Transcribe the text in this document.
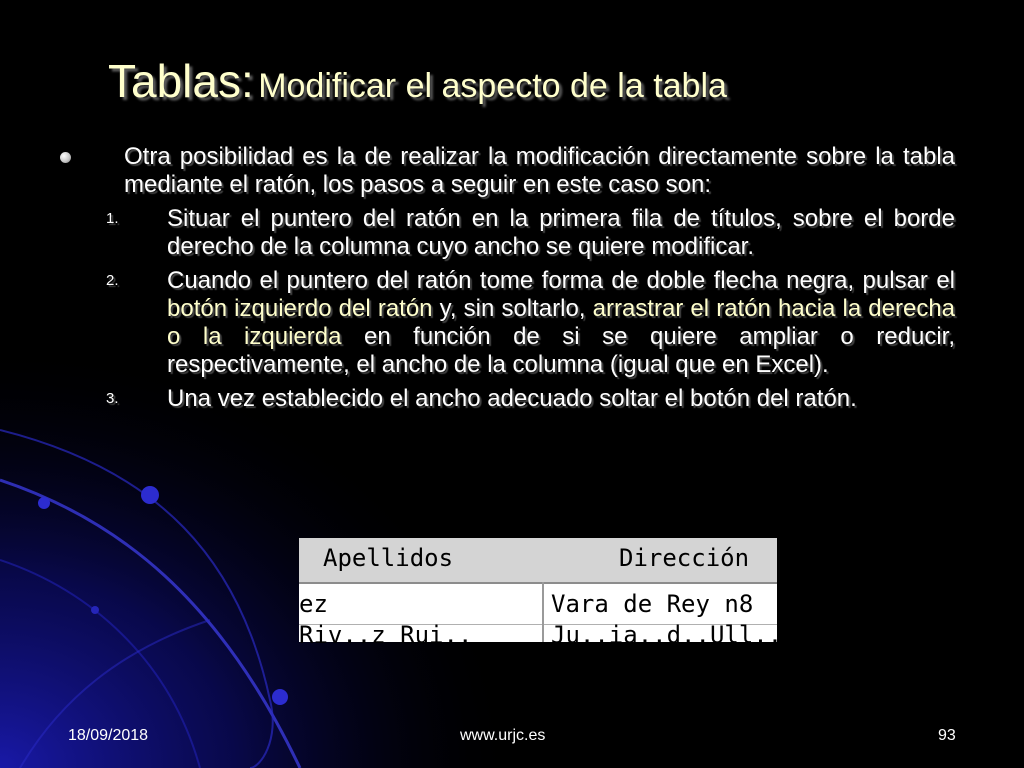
Tablas: Modificar el aspecto de la tabla
Otra posibilidad es la de realizar la modificación directamente sobre la tabla mediante el ratón, los pasos a seguir en este caso son:
1. Situar el puntero del ratón en la primera fila de títulos, sobre el borde derecho de la columna cuyo ancho se quiere modificar.
2. Cuando el puntero del ratón tome forma de doble flecha negra, pulsar el botón izquierdo del ratón y, sin soltarlo, arrastrar el ratón hacia la derecha o la izquierda en función de si se quiere ampliar o reducir, respectivamente, el ancho de la columna (igual que en Excel).
3. Una vez establecido el ancho adecuado soltar el botón del ratón.
Apellidos	Dirección
ez	Vara de Rey n8
Riv..z Rui..	Ju..ia..d..Ull..a S
18/09/2018	www.urjc.es	93
